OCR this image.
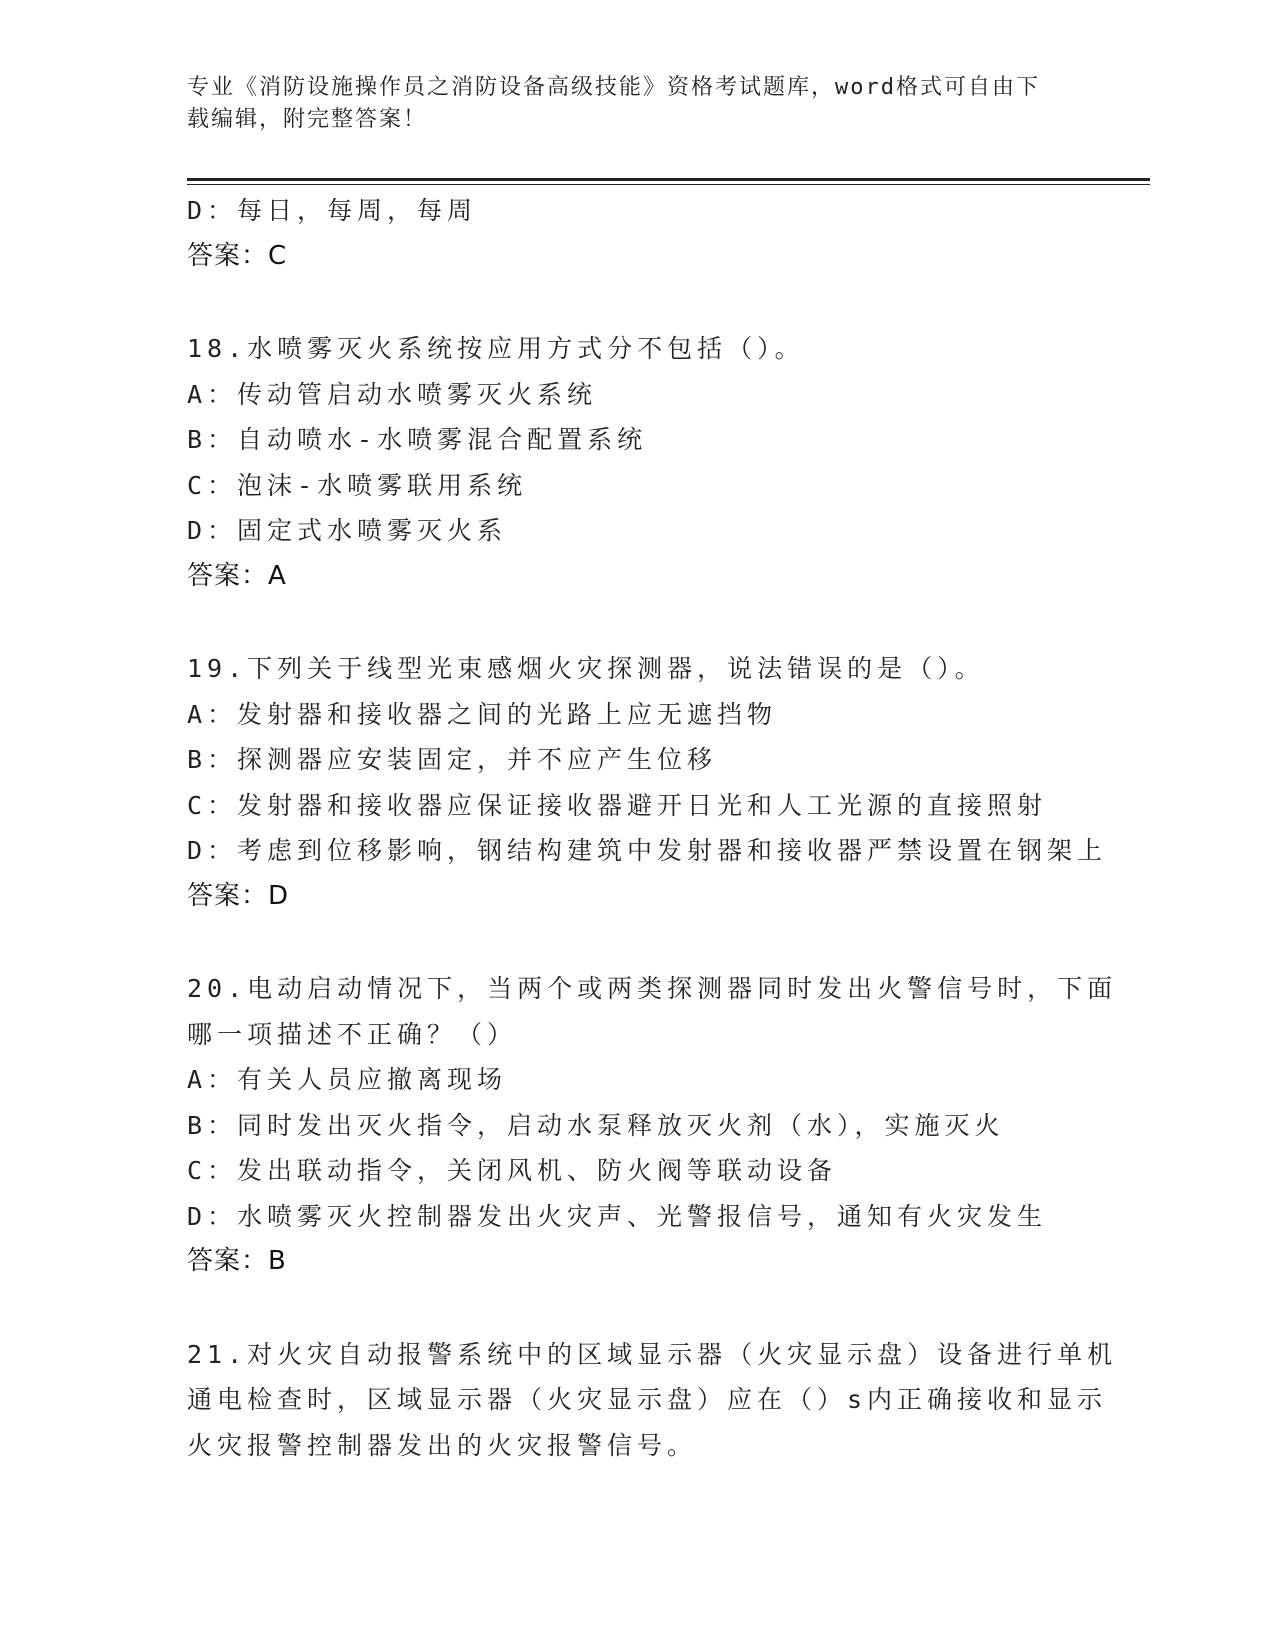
专业《消防设施操作员之消防设备高级技能》资格考试题库，word格式可自由下
载编辑，附完整答案！
D：每日，每周，每周
答案：C
18.水喷雾灭火系统按应用方式分不包括（）。
A：传动管启动水喷雾灭火系统
B：自动喷水-水喷雾混合配置系统
C：泡沫-水喷雾联用系统
D：固定式水喷雾灭火系
答案：A
19.下列关于线型光束感烟火灾探测器，说法错误的是（）。
A：发射器和接收器之间的光路上应无遮挡物
B：探测器应安装固定，并不应产生位移
C：发射器和接收器应保证接收器避开日光和人工光源的直接照射
D：考虑到位移影响，钢结构建筑中发射器和接收器严禁设置在钢架上
答案：D
20.电动启动情况下，当两个或两类探测器同时发出火警信号时，下面
哪一项描述不正确？（）
A：有关人员应撤离现场
B：同时发出灭火指令，启动水泵释放灭火剂（水），实施灭火
C：发出联动指令，关闭风机、防火阀等联动设备
D：水喷雾灭火控制器发出火灾声、光警报信号，通知有火灾发生
答案：B
21.对火灾自动报警系统中的区域显示器（火灾显示盘）设备进行单机
通电检查时，区域显示器（火灾显示盘）应在（）s内正确接收和显示
火灾报警控制器发出的火灾报警信号。
